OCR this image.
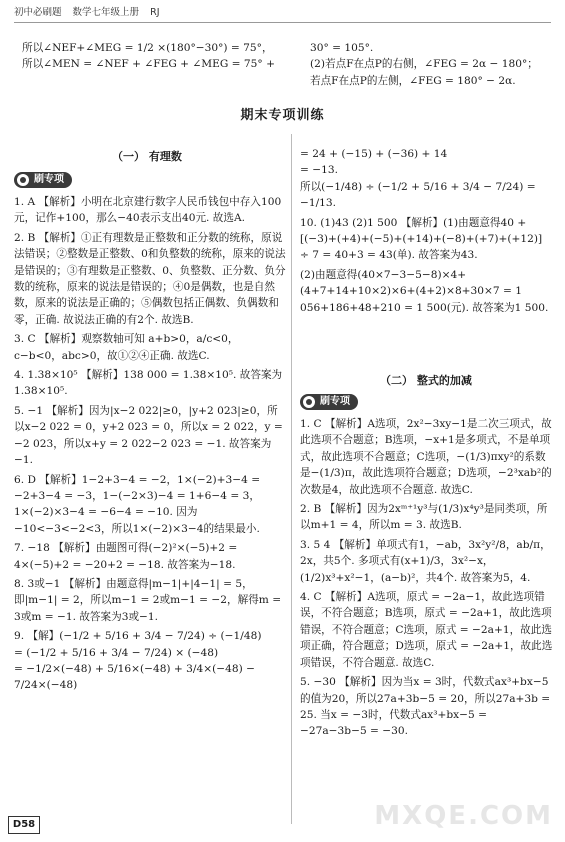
初中必刷题 数学七年级上册 RJ
所以∠NEF+∠MEG = 1/2 ×(180°−30°) = 75°，
所以∠MEN = ∠NEF + ∠FEG + ∠MEG = 75° +
30° = 105°.
(2)若点F在点P的右侧，∠FEG = 2α − 180°；
若点F在点P的左侧，∠FEG = 180° − 2α.
期末专项训练
（一） 有理数
刷专项
1. A 【解析】小明在北京建行数字人民币钱包中存入100元，记作+100，那么−40表示支出40元. 故选A.
2. B 【解析】①正有理数是正整数和正分数的统称，原说法错误；②整数是正整数、0和负整数的统称，原来的说法是错误的；③有理数是正整数、0、负整数、正分数、负分数的统称，原来的说法是错误的；④0是偶数，也是自然数，原来的说法是正确的；⑤偶数包括正偶数、负偶数和零，正确. 故说法正确的有2个. 故选B.
3. C 【解析】观察数轴可知 a+b>0，a/c<0，c−b<0，abc>0，故①②④正确. 故选C.
4. 1.38×10⁵ 【解析】138 000 = 1.38×10⁵. 故答案为1.38×10⁵.
5. −1 【解析】因为|x−2 022|≥0，|y+2 023|≥0，所以x−2 022 = 0，y+2 023 = 0，所以x = 2 022，y = −2 023，所以x+y = 2 022−2 023 = −1. 故答案为−1.
6. D 【解析】1−2+3−4 = −2，1×(−2)+3−4 = −2+3−4 = −3，1−(−2×3)−4 = 1+6−4 = 3，1×(−2)×3−4 = −6−4 = −10. 因为−10<−3<−2<3，所以1×(−2)×3−4的结果最小.
7. −18 【解析】由题图可得(−2)²×(−5)+2 = 4×(−5)+2 = −20+2 = −18. 故答案为−18.
8. 3或−1 【解析】由题意得|m−1|+|4−1| = 5，即|m−1| = 2，所以m−1 = 2或m−1 = −2，解得m = 3或m = −1. 故答案为3或−1.
9. 【解】(−1/2 + 5/16 + 3/4 − 7/24) ÷ (−1/48)
= (−1/2 + 5/16 + 3/4 − 7/24) × (−48)
= −1/2×(−48) + 5/16×(−48) + 3/4×(−48) − 7/24×(−48)
= 24 + (−15) + (−36) + 14
= −13.
所以(−1/48) ÷ (−1/2 + 5/16 + 3/4 − 7/24) = −1/13.
10. (1)43 (2)1 500 【解析】(1)由题意得40 + [(−3)+(+4)+(−5)+(+14)+(−8)+(+7)+(+12)] ÷ 7 = 40+3 = 43(单). 故答案为43.
(2)由题意得(40×7−3−5−8)×4+(4+7+14+10×2)×6+(4+2)×8+30×7 = 1 056+186+48+210 = 1 500(元). 故答案为1 500.
（二） 整式的加减
刷专项
1. C 【解析】A选项，2x²−3xy−1是二次三项式，故此选项不合题意；B选项，−x+1是多项式，不是单项式，故此选项不合题意；C选项，−(1/3)πxy²的系数是−(1/3)π，故此选项符合题意；D选项，−2³xab²的次数是4，故此选项不合题意. 故选C.
2. B 【解析】因为2xᵐ⁺¹y³与(1/3)x⁴y³是同类项，所以m+1 = 4，所以m = 3. 故选B.
3. 5 4 【解析】单项式有1，−ab，3x²y²/8，ab/π，2x，共5个. 多项式有(x+1)/3，3x²−x，(1/2)x³+x²−1，(a−b)²，共4个. 故答案为5，4.
4. C 【解析】A选项，原式 = −2a−1，故此选项错误，不符合题意；B选项，原式 = −2a+1，故此选项错误，不符合题意；C选项，原式 = −2a+1，故此选项正确，符合题意；D选项，原式 = −2a+1，故此选项错误，不符合题意. 故选C.
5. −30 【解析】因为当x = 3时，代数式ax³+bx−5的值为20，所以27a+3b−5 = 20，所以27a+3b = 25. 当x = −3时，代数式ax³+bx−5 = −27a−3b−5 = −30.
D58	MXQE.COM
